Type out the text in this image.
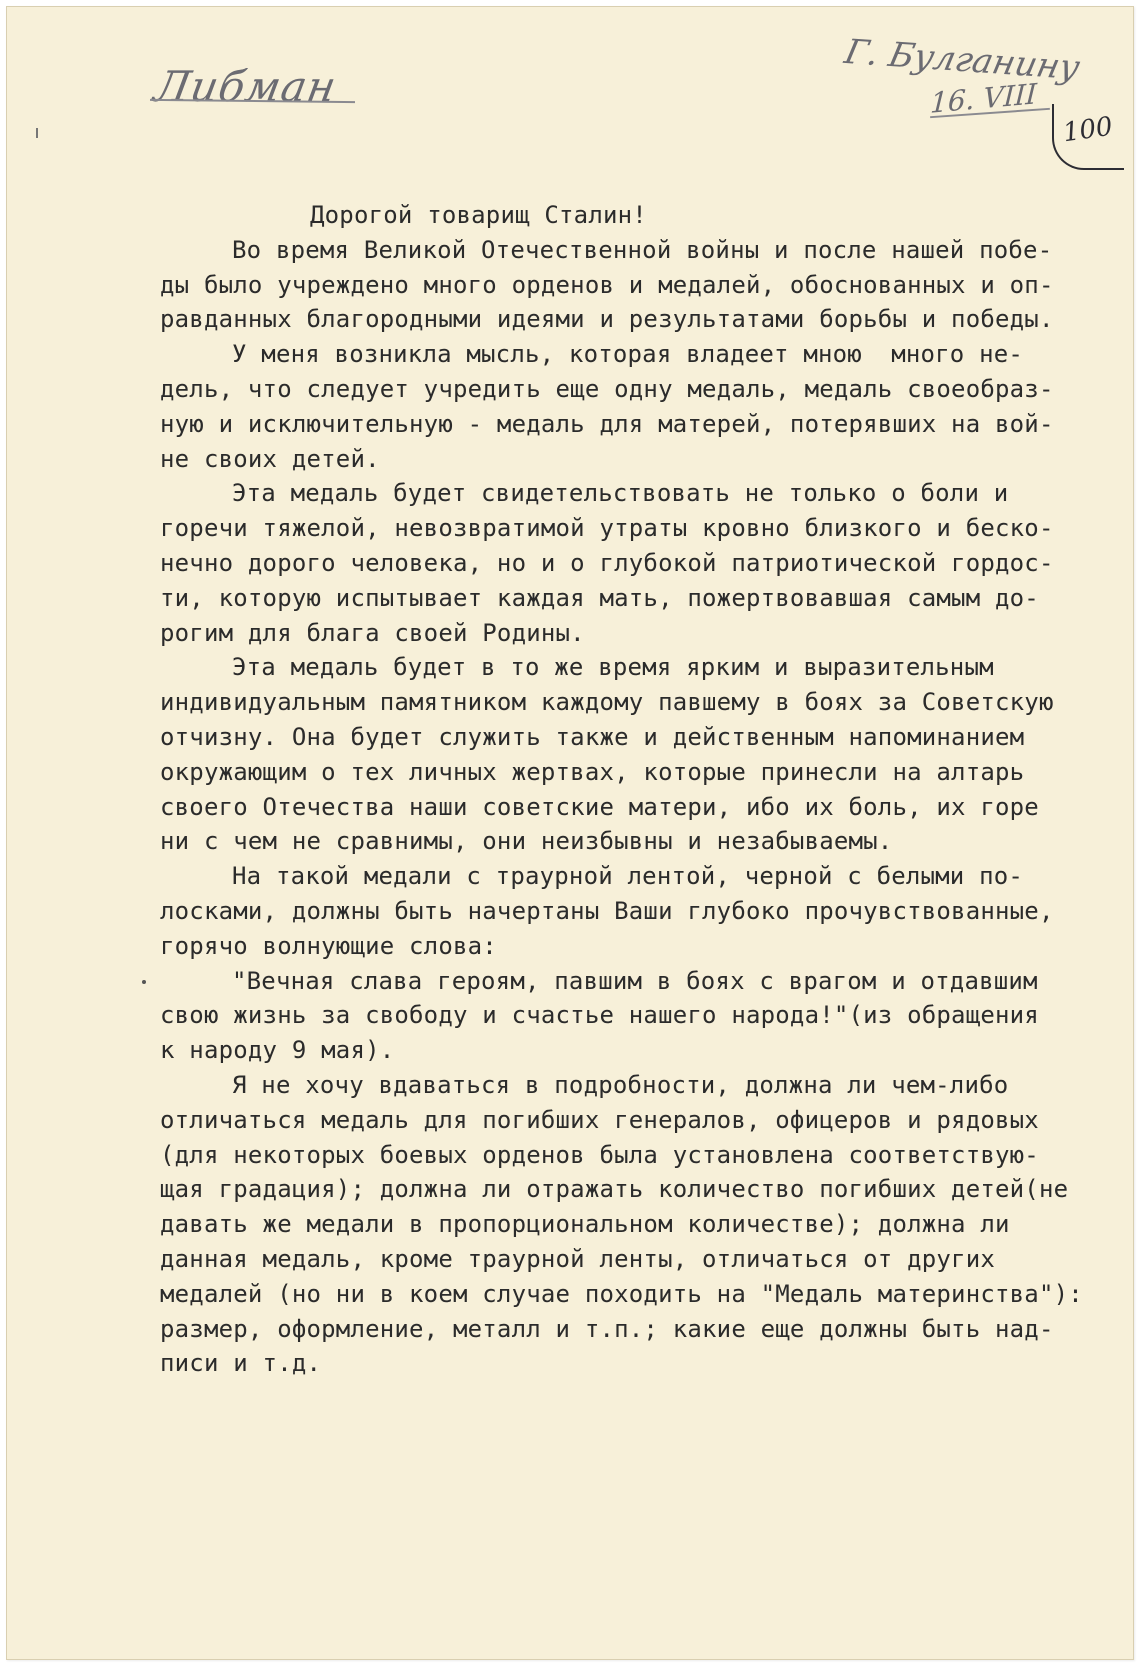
Либман	Г. Булганину
16. VIII
100
Дорогой товарищ Сталин!
Во время Великой Отечественной войны и после нашей побе-
ды было учреждено много орденов и медалей, обоснованных и оп-
равданных благородными идеями и результатами борьбы и победы.
У меня возникла мысль, которая владеет мною  много не-
дель, что следует учредить еще одну медаль, медаль своеобраз-
ную и исключительную - медаль для матерей, потерявших на вой-
не своих детей.
Эта медаль будет свидетельствовать не только о боли и
горечи тяжелой, невозвратимой утраты кровно близкого и беско-
нечно дорого человека, но и о глубокой патриотической гордос-
ти, которую испытывает каждая мать, пожертвовавшая самым до-
рогим для блага своей Родины.
Эта медаль будет в то же время ярким и выразительным
индивидуальным памятником каждому павшему в боях за Советскую
отчизну. Она будет служить также и действенным напоминанием
окружающим о тех личных жертвах, которые принесли на алтарь
своего Отечества наши советские матери, ибо их боль, их горе
ни с чем не сравнимы, они неизбывны и незабываемы.
На такой медали с траурной лентой, черной с белыми по-
лосками, должны быть начертаны Ваши глубоко прочувствованные,
горячо волнующие слова:
"Вечная слава героям, павшим в боях с врагом и отдавшим
свою жизнь за свободу и счастье нашего народа!"(из обращения
к народу 9 мая).
Я не хочу вдаваться в подробности, должна ли чем-либо
отличаться медаль для погибших генералов, офицеров и рядовых
(для некоторых боевых орденов была установлена соответствую-
щая градация); должна ли отражать количество погибших детей(не
давать же медали в пропорциональном количестве); должна ли
данная медаль, кроме траурной ленты, отличаться от других
медалей (но ни в коем случае походить на "Медаль материнства"):
размер, оформление, металл и т.п.; какие еще должны быть над-
писи и т.д.
